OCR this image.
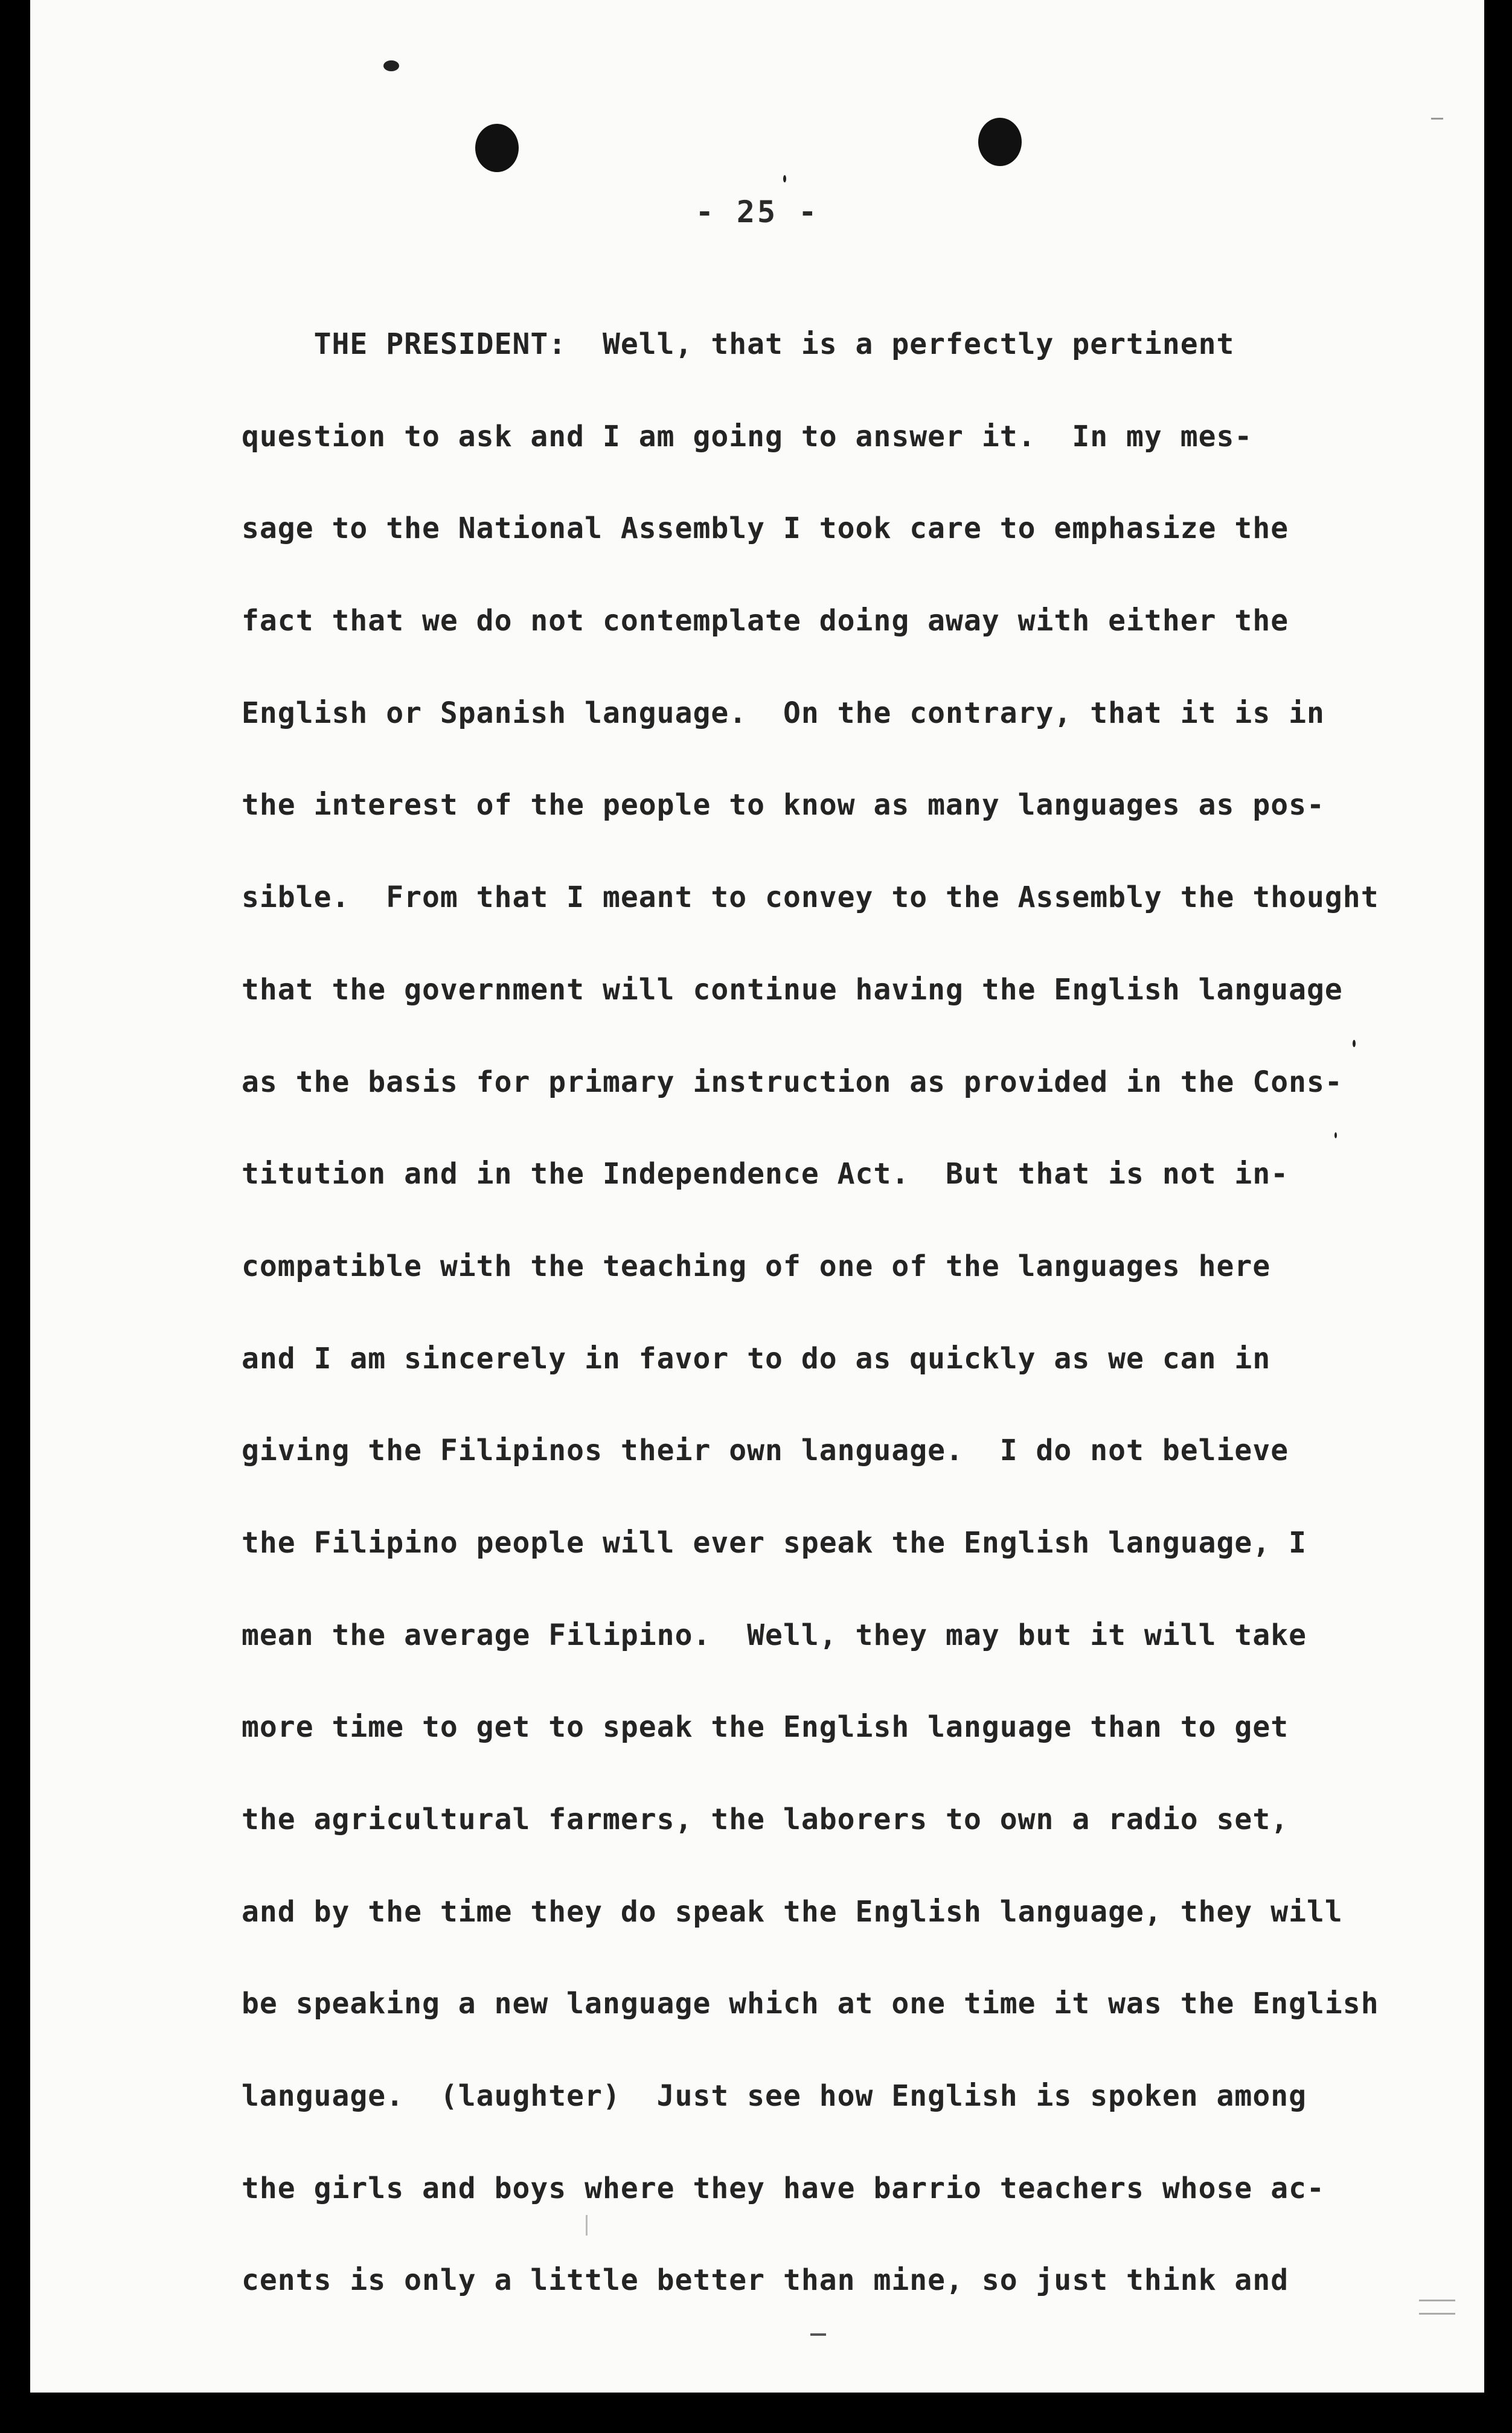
- 25 -
THE PRESIDENT:  Well, that is a perfectly pertinent
question to ask and I am going to answer it.  In my mes-
sage to the National Assembly I took care to emphasize the
fact that we do not contemplate doing away with either the
English or Spanish language.  On the contrary, that it is in
the interest of the people to know as many languages as pos-
sible.  From that I meant to convey to the Assembly the thought
that the government will continue having the English language
as the basis for primary instruction as provided in the Cons-
titution and in the Independence Act.  But that is not in-
compatible with the teaching of one of the languages here
and I am sincerely in favor to do as quickly as we can in
giving the Filipinos their own language.  I do not believe
the Filipino people will ever speak the English language, I
mean the average Filipino.  Well, they may but it will take
more time to get to speak the English language than to get
the agricultural farmers, the laborers to own a radio set,
and by the time they do speak the English language, they will
be speaking a new language which at one time it was the English
language.  (laughter)  Just see how English is spoken among
the girls and boys where they have barrio teachers whose ac-
cents is only a little better than mine, so just think and
